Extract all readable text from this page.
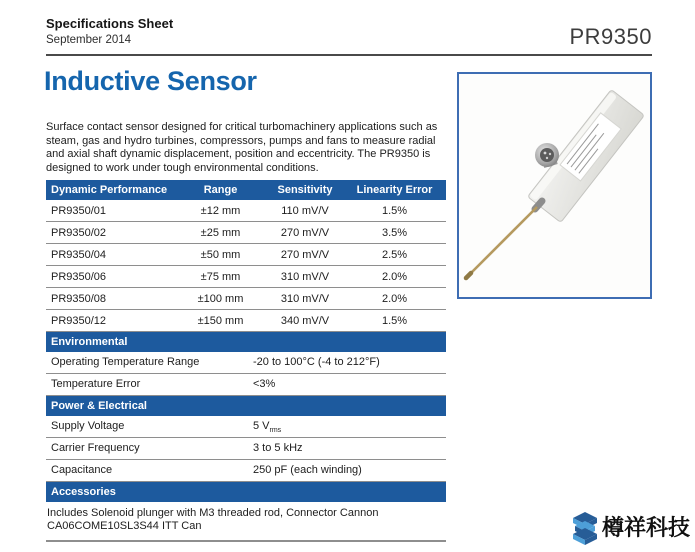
Specifications Sheet
September 2014	PR9350
Inductive Sensor
Surface contact sensor designed for critical turbomachinery applications such as steam, gas and hydro turbines, compressors, pumps and fans to measure radial and axial shaft dynamic displacement, position and eccentricity. The PR9350 is designed to work under tough environmental conditions.
Dynamic Performance	Range	Sensitivity	Linearity Error
PR9350/01	±12 mm	110 mV/V	1.5%
PR9350/02	±25 mm	270 mV/V	3.5%
PR9350/04	±50 mm	270 mV/V	2.5%
PR9350/06	±75 mm	310 mV/V	2.0%
PR9350/08	±100 mm	310 mV/V	2.0%
PR9350/12	±150 mm	340 mV/V	1.5%
Environmental
Operating Temperature Range	-20 to 100°C (-4 to 212°F)
Temperature Error	<3%
Power & Electrical
Supply Voltage	5 $V_{rms}$
Carrier Frequency	3 to 5 kHz
Capacitance	250 pF (each winding)
Accessories
Includes Solenoid plunger with M3 threaded rod, Connector Cannon CA06COME10SL3S44 ITT Can	樽祥科技
